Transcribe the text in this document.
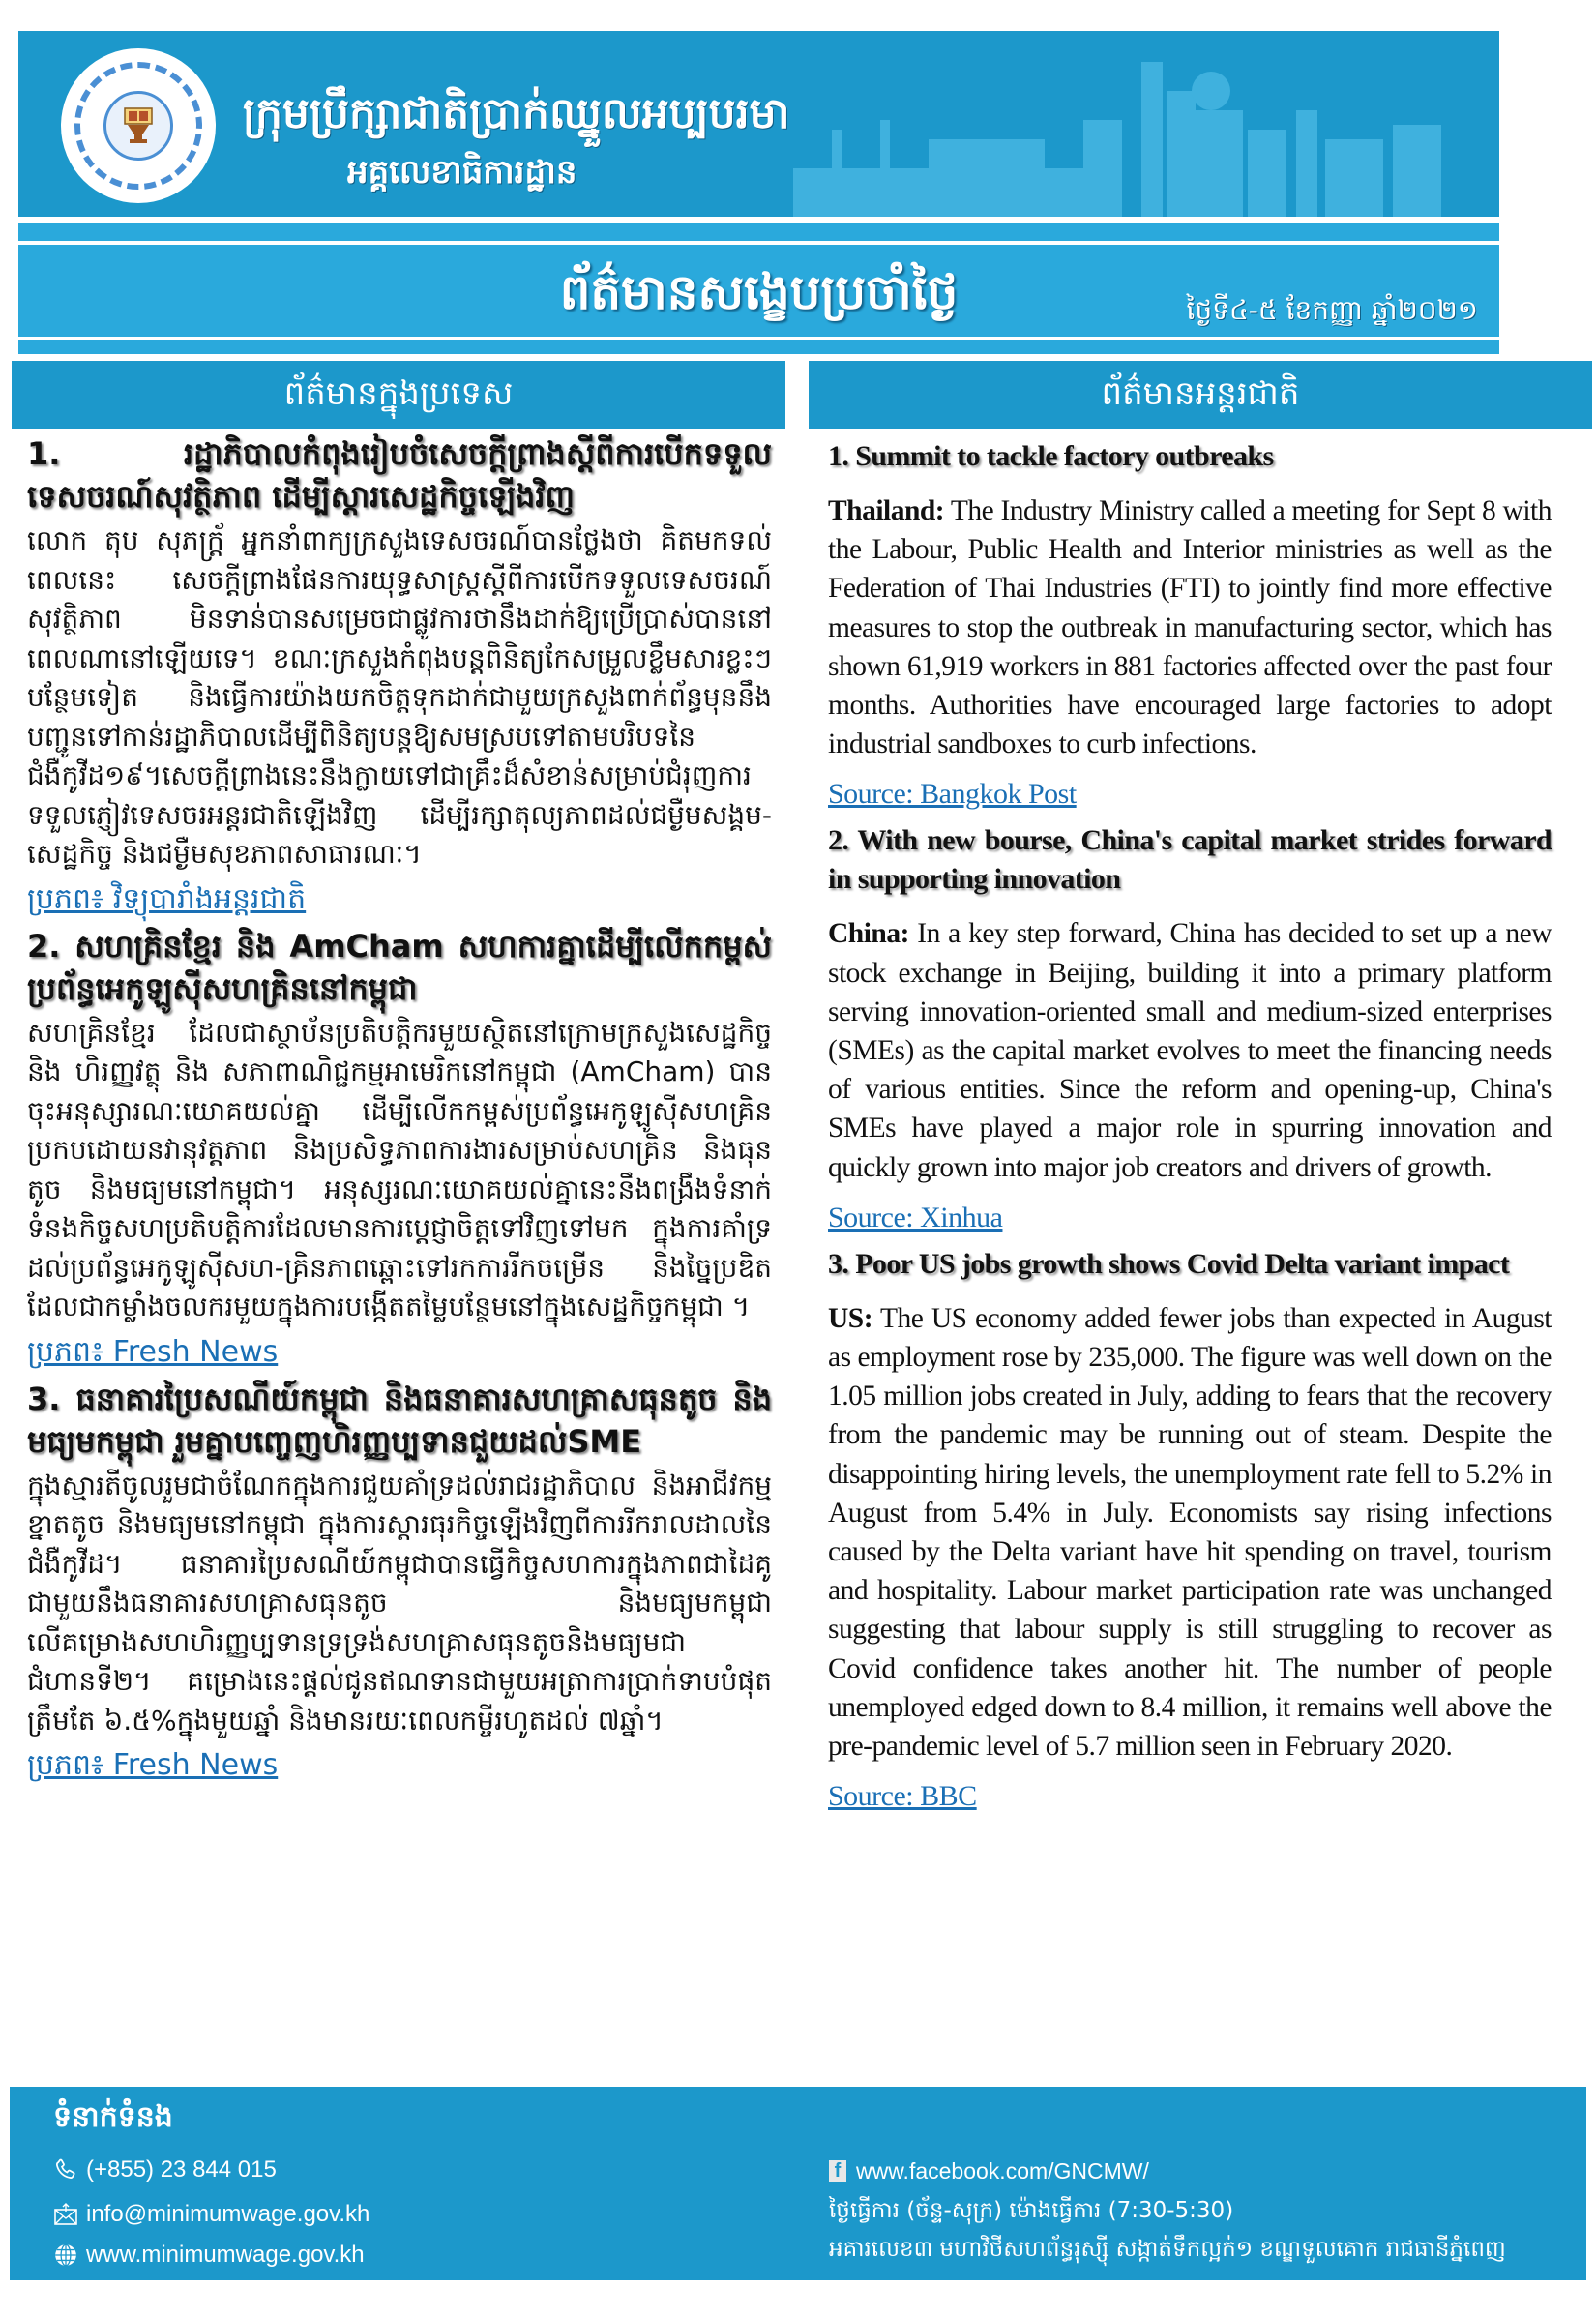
ក្រុមប្រឹក្សាជាតិប្រាក់ឈ្នួលអប្បបរមា
អគ្គលេខាធិការដ្ឋាន
ព័ត៌មានសង្ខេបប្រចាំថ្ងៃ	ថ្ងៃទី៤-៥ ខែកញ្ញា ឆ្នាំ២០២១
ព័ត៌មានក្នុងប្រទេស	ព័ត៌មានអន្តរជាតិ
1. រដ្ឋាភិបាលកំពុងរៀបចំសេចក្ដីព្រាងស្ដីពីការបើកទទួលទេសចរណ៍សុវត្ថិភាព ដើម្បីស្ដារសេដ្ឋកិច្ចឡើងវិញ
លោក តុប សុភក្ដ្រ័ អ្នកនាំពាក្យក្រសួងទេសចរណ៍បានថ្លែងថា គិតមកទល់ពេលនេះ សេចក្ដីព្រាងផែនការយុទ្ធសាស្ត្រស្ដីពីការបើកទទួលទេសចរណ៍សុវត្ថិភាព មិនទាន់បានសម្រេចជាផ្លូវការថានឹងដាក់ឱ្យប្រើប្រាស់បាននៅពេលណានៅឡើយទេ។ ខណៈក្រសួងកំពុងបន្តពិនិត្យកែសម្រួលខ្លឹមសារខ្លះៗបន្ថែមទៀត និងធ្វើការយ៉ាងយកចិត្តទុកដាក់ជាមួយក្រសួងពាក់ព័ន្ធមុននឹងបញ្ជូនទៅកាន់រដ្ឋាភិបាលដើម្បីពិនិត្យបន្តឱ្យសមស្របទៅតាមបរិបទនៃជំងឺកូវីដ១៩។សេចក្ដីព្រាងនេះនឹងក្លាយទៅជាគ្រឹះដ៏សំខាន់សម្រាប់ជំរុញការទទួលភ្ញៀវទេសចរអន្តរជាតិឡើងវិញ ដើម្បីរក្សាតុល្យភាពដល់ជម្ងឺមសង្គម-សេដ្ឋកិច្ច និងជម្ងឺមសុខភាពសាធារណៈ។
ប្រភព៖ វិទ្យុបារាំងអន្តរជាតិ
2. សហគ្រិនខ្មែរ និង AmCham សហការគ្នាដើម្បីលើកកម្ពស់ប្រព័ន្ធអេកូឡូស៊ីសហគ្រិននៅកម្ពុជា
សហគ្រិនខ្មែរ ដែលជាស្ថាប័នប្រតិបត្តិករមួយស្ថិតនៅក្រោមក្រសួងសេដ្ឋកិច្ច និង ហិរញ្ញវត្ថុ និង សភាពាណិជ្ជកម្មអាមេរិកនៅកម្ពុជា (AmCham) បានចុះអនុស្សារណៈយោគយល់គ្នា ដើម្បីលើកកម្ពស់ប្រព័ន្ធអេកូឡូស៊ីសហគ្រិនប្រកបដោយនវានុវត្តភាព និងប្រសិទ្ធភាពការងារសម្រាប់សហគ្រិន និងធុនតូច និងមធ្យមនៅកម្ពុជា។ អនុស្សរណៈយោគយល់គ្នានេះនឹងពង្រឹងទំនាក់ទំនងកិច្ចសហប្រតិបត្តិការដែលមានការប្ដេជ្ញាចិត្តទៅវិញទៅមក ក្នុងការគាំទ្រដល់ប្រព័ន្ធអេកូឡូស៊ីសហ-គ្រិនភាពឆ្ពោះទៅរកការរីកចម្រើន និងច្នៃប្រឌិតដែលជាកម្លាំងចលករមួយក្នុងការបង្កើតតម្លៃបន្ថែមនៅក្នុងសេដ្ឋកិច្ចកម្ពុជា ។
ប្រភព៖ Fresh News
3. ធនាគារប្រៃសណីយ៍កម្ពុជា និងធនាគារសហគ្រាសធុនតូច និងមធ្យមកម្ពុជា រួមគ្នាបញ្ចេញហិរញ្ញប្បទានជួយដល់SME
ក្នុងស្មារតីចូលរួមជាចំណែកក្នុងការជួយគាំទ្រដល់រាជរដ្ឋាភិបាល និងអាជីវកម្មខ្នាតតូច និងមធ្យមនៅកម្ពុជា ក្នុងការស្ដារធុរកិច្ចឡើងវិញពីការរីករាលដាលនៃជំងឺកូវីដ។ ធនាគារប្រៃសណីយ៍កម្ពុជាបានធ្វើកិច្ចសហការក្នុងភាពជាដៃគូជាមួយនឹងធនាគារសហគ្រាសធុនតូច និងមធ្យមកម្ពុជា លើគម្រោងសហហិរញ្ញប្បទានទ្រទ្រង់សហគ្រាសធុនតូចនិងមធ្យមជាជំហានទី២។ គម្រោងនេះផ្ដល់ជូនឥណទានជាមួយអត្រាការប្រាក់ទាបបំផុតត្រឹមតែ ៦.៥%ក្នុងមួយឆ្នាំ និងមានរយៈពេលកម្ចីរហូតដល់ ៧ឆ្នាំ។
ប្រភព៖ Fresh News
1. Summit to tackle factory outbreaks
Thailand: The Industry Ministry called a meeting for Sept 8 with the Labour, Public Health and Interior ministries as well as the Federation of Thai Industries (FTI) to jointly find more effective measures to stop the outbreak in manufacturing sector, which has shown 61,919 workers in 881 factories affected over the past four months. Authorities have encouraged large factories to adopt industrial sandboxes to curb infections.
Source: Bangkok Post
2. With new bourse, China's capital market strides forward in supporting innovation
China: In a key step forward, China has decided to set up a new stock exchange in Beijing, building it into a primary platform serving innovation-oriented small and medium-sized enterprises (SMEs) as the capital market evolves to meet the financing needs of various entities. Since the reform and opening-up, China's SMEs have played a major role in spurring innovation and quickly grown into major job creators and drivers of growth.
Source: Xinhua
3. Poor US jobs growth shows Covid Delta variant impact
US: The US economy added fewer jobs than expected in August as employment rose by 235,000. The figure was well down on the 1.05 million jobs created in July, adding to fears that the recovery from the pandemic may be running out of steam. Despite the disappointing hiring levels, the unemployment rate fell to 5.2% in August from 5.4% in July. Economists say rising infections caused by the Delta variant have hit spending on travel, tourism and hospitality. Labour market participation rate was unchanged suggesting that labour supply is still struggling to recover as Covid confidence takes another hit. The number of people unemployed edged down to 8.4 million, it remains well above the pre-pandemic level of 5.7 million seen in February 2020.
Source: BBC
ទំនាក់ទំនង
(+855) 23 844 015
info@minimumwage.gov.kh
www.minimumwage.gov.kh
f www.facebook.com/GNCMW/
ថ្ងៃធ្វើការ (ច័ន្ទ-សុក្រ) ម៉ោងធ្វើការ (7:30-5:30)
អគារលេខ៣ មហាវិថីសហព័ន្ធរុស្ស៊ី សង្កាត់ទឹកល្អក់១ ខណ្ឌទួលគោក រាជធានីភ្នំពេញ
